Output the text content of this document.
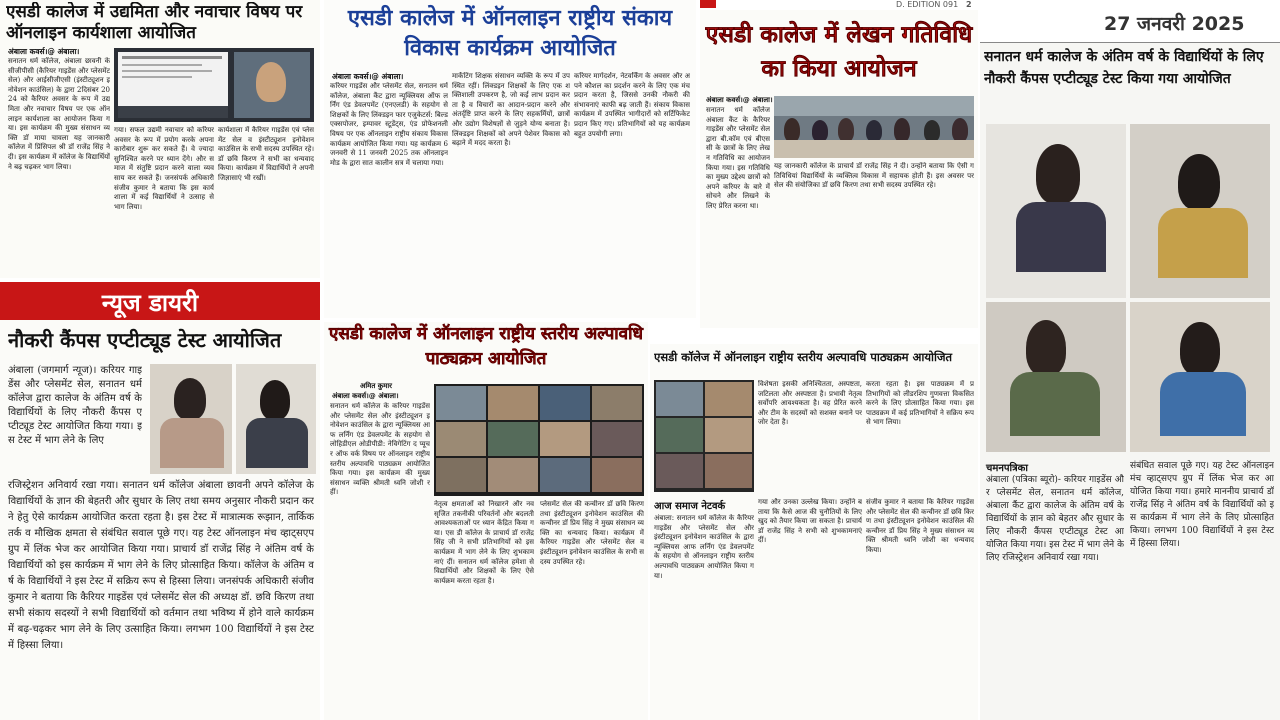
एसडी कालेज में उद्यमिता और नवाचार विषय पर ऑनलाइन कार्यशाला आयोजित
अंबाला कवर्स।@ अंबाला।
सनातन धर्म कॉलेज, अंबाला छावनी के सीजीपीसी (कैरियर गाइडेंस और प्लेसमेंट सेल) और आईसीजीएसी (इंस्टीट्यूशन इनोवेशन काउंसिल) के द्वारा 2दिसंबर 2024 को कैरियर अवसर के रूप में उद्यमिता और नवाचार विषय पर एक ऑनलाइन कार्यशाला का आयोजन किया गया। इस कार्यक्रम की मुख्य संसाधन व्यक्ति डॉ माया चावला यह जानकारी कॉलेज में प्रिंसिपल श्री डॉ राजेंद्र सिंह ने दी। इस कार्यक्रम में कॉलेज के विद्यार्थियों ने बढ़ चढ़कर भाग लिया।
गया। सफल उद्यमी नवाचार को करियर अवसर के रूप में प्रयोग करके अपना कारोबार शुरू कर सकते हैं। वे ज्यादा सुनिश्चित करने पर ध्यान देंगे। और समाज में संतुष्टि प्रदान करने वाला व्यवसाय कर सकते हैं। जनसंपर्क अधिकारी संजीव कुमार ने बताया कि इस कार्यशाला में कई विद्यार्थियों ने उत्साह से भाग लिया।
कार्यशाला में कैरियर गाइडेंस एवं प्लेसमेंट सेल व इंस्टीट्यूशन इनोवेशन काउंसिल के सभी सदस्य उपस्थित रहे। डॉ छवि किरण ने सभी का धन्यवाद किया। कार्यक्रम में विद्यार्थियों ने अपनी जिज्ञासाएं भी रखीं।
एसडी कालेज में ऑनलाइन राष्ट्रीय संकाय विकास कार्यक्रम आयोजित
अंबाला कवर्स।@ अंबाला।
करियर गाइडेंस और प्लेसमेंट सेल, सनातन धर्म कॉलेज, अंबाला कैंट द्वारा न्यूक्लियस ऑफ लर्निंग एंड डेवलपमेंट (एनएलडी) के सहयोग से शिक्षकों के लिए लिंक्डइन फार एजुकेटर्स: बिल्ड एक्सपोजर, इम्पावर स्टूडेंट्स, एंड प्रोफेशनली विषय पर एक ऑनलाइन राष्ट्रीय संकाय विकास कार्यक्रम आयोजित किया गया। यह कार्यक्रम 6 जनवरी से 11 जनवरी 2025 तक ऑनलाइन मोड के द्वारा सात कालीन सत्र में चलाया गया।
मार्केटिंग शिक्षक संसाधन व्यक्ति के रूप में उपस्थित रहीं। लिंक्डइन शिक्षकों के लिए एक शक्तिशाली उपकरण है, जो कई लाभ प्रदान करता है व विचारों का आदान-प्रदान करने और अंतर्दृष्टि प्राप्त करने के लिए सहकर्मियों, छात्रों और उद्योग विशेषज्ञों से जुड़ने योग्य बनाता है। लिंक्डइन शिक्षकों को अपने पेशेवर विकास को बढ़ाने में मदद करता है।
करियर मार्गदर्शन, नेटवर्किंग के अवसर और अपने कौशल का प्रदर्शन करने के लिए एक मंच प्रदान करता है, जिससे उनकी नौकरी की संभावनाएं काफी बढ़ जाती हैं। संकाय विकास कार्यक्रम में उपस्थित भागीदारों को सर्टिफिकेट प्रदान किए गए। प्रतिभागियों को यह कार्यक्रम बहुत उपयोगी लगा।
D. EDITION 091 2
एसडी कालेज में लेखन गतिविधि का किया आयोजन
अंबाला कवर्स।@ अंबाला।
सनातन धर्म कॉलेज अंबाला कैंट के कैरियर गाइडेंस और प्लेसमेंट सेल द्वारा बी.कॉम एवं बीएससी के छात्रों के लिए लेखन गतिविधि का आयोजन किया गया। इस गतिविधि का मुख्य उद्देश्य छात्रों को अपने करियर के बारे में सोचने और लिखने के लिए प्रेरित करना था।
यह जानकारी कॉलेज के प्राचार्य डॉ राजेंद्र सिंह ने दी। उन्होंने बताया कि ऐसी गतिविधियां विद्यार्थियों के व्यक्तित्व विकास में सहायक होती हैं। इस अवसर पर सेल की संयोजिका डॉ छवि किरण तथा सभी सदस्य उपस्थित रहे।
27 जनवरी 2025
सनातन धर्म कालेज के अंतिम वर्ष के विद्यार्थियों के लिए नौकरी कैंपस एप्टीट्यूड टेस्ट किया गया आयोजित
चमनपत्रिका
अंबाला (पत्रिका ब्यूरो)- करियर गाइडेंस और प्लेसमेंट सेल, सनातन धर्म कॉलेज, अंबाला कैंट द्वारा कालेज के अंतिम वर्ष के विद्यार्थियों के ज्ञान को बेहतर और सुधार के लिए नौकरी कैंपस एप्टीट्यूड टेस्ट आयोजित किया गया। इस टेस्ट में भाग लेने के लिए रजिस्ट्रेशन अनिवार्य रखा गया।
संबंधित सवाल पूछे गए। यह टेस्ट ऑनलाइन मंच व्हाट्सएप ग्रुप में लिंक भेज कर आयोजित किया गया। हमारे माननीय प्राचार्य डॉ राजेंद्र सिंह ने अंतिम वर्ष के विद्यार्थियों को इस कार्यक्रम में भाग लेने के लिए प्रोत्साहित किया। लगभग 100 विद्यार्थियों ने इस टेस्ट में हिस्सा लिया।
न्यूज डायरी
नौकरी कैंपस एप्टीट्यूड टेस्ट आयोजित
अंबाला (जगमार्ग न्यूज)। करियर गाइडेंस और प्लेसमेंट सेल, सनातन धर्म कॉलेज द्वारा कालेज के अंतिम वर्ष के विद्यार्थियों के लिए नौकरी कैंपस एप्टीट्यूड टेस्ट आयोजित किया गया। इस टेस्ट में भाग लेने के लिए
रजिस्ट्रेशन अनिवार्य रखा गया। सनातन धर्म कॉलेज अंबाला छावनी अपने कॉलेज के विद्यार्थियों के ज्ञान की बेहतरी और सुधार के लिए तथा समय अनुसार नौकरी प्रदान करने हेतु ऐसे कार्यक्रम आयोजित करता रहता है। इस टेस्ट में मात्रात्मक रूझान, तार्किक तर्क व मौखिक क्षमता से संबंधित सवाल पूछे गए। यह टेस्ट ऑनलाइन मंच व्हाट्सएप ग्रुप में लिंक भेज कर आयोजित किया गया। प्राचार्य डॉ राजेंद्र सिंह ने अंतिम वर्ष के विद्यार्थियों को इस कार्यक्रम में भाग लेने के लिए प्रोत्साहित किया। कॉलेज के अंतिम वर्ष के विद्यार्थियों ने इस टेस्ट में सक्रिय रूप से हिस्सा लिया। जनसंपर्क अधिकारी संजीव कुमार ने बताया कि कैरियर गाइडेंस एवं प्लेसमेंट सेल की अध्यक्ष डॉ. छवि किरण तथा सभी संकाय सदस्यों ने सभी विद्यार्थियों को वर्तमान तथा भविष्य में होने वाले कार्यक्रम में बढ़-चढ़कर भाग लेने के लिए उत्साहित किया। लगभग 100 विद्यार्थियों ने इस टेस्ट में हिस्सा लिया।
एसडी कालेज में ऑनलाइन राष्ट्रीय स्तरीय अल्पावधि पाठ्यक्रम आयोजित
अमित कुमार
अंबाला कवर्स।@ अंबाला।
सनातन धर्म कॉलेज के करियर गाइडेंस और प्लेसमेंट सेल और इंस्टीट्यूशन इनोवेशन काउंसिल के द्वारा न्यूक्लियस आफ लर्निंग एंड डेवलपमेंट के सहयोग से लोहिडीएल ओडीपीडी: नेविगेटिंग द प्यूचर ऑफ वर्क विषय पर ऑनलाइन राष्ट्रीय स्तरीय अल्पावधि पाठ्यक्रम आयोजित किया गया। इस कार्यक्रम की मुख्य संसाधन व्यक्ति श्रीमती ध्वनि जोशी रहीं।
नेतृत्व क्षमताओं को निखारने और नव सृजित तकनीकी परिवर्तनों और बदलती आवश्यकताओं पर ध्यान केंद्रित किया गया। एस डी कॉलेज के प्राचार्य डॉ राजेंद्र सिंह जी ने सभी प्रतिभागियों को इस कार्यक्रम में भाग लेने के लिए शुभकामनाएं दीं। सनातन धर्म कॉलेज हमेशा से विद्यार्थियों और शिक्षकों के लिए ऐसे कार्यक्रम करता रहता है।
प्लेसमेंट सेल की कन्वीनर डॉ छवि किरण तथा इंस्टीट्यूशन इनोवेशन काउंसिल की कन्वीनर डॉ प्रिय सिंह ने मुख्य संसाधन व्यक्ति का धन्यवाद किया। कार्यक्रम में कैरियर गाइडेंस और प्लेसमेंट सेल व इंस्टीट्यूशन इनोवेशन काउंसिल के सभी सदस्य उपस्थित रहे।
एसडी कॉलेज में ऑनलाइन राष्ट्रीय स्तरीय अल्पावधि पाठ्यक्रम आयोजित
विशेषता इसकी अनिश्चितता, अस्पष्टता, जटिलता और अस्पष्टता है। प्रभावी नेतृत्व सर्वोपरि आवश्यकता है। वह प्रेरित करने और टीम के सदस्यों को सशक्त बनाने पर जोर देता है।
करता रहता है। इस पाठ्यक्रम में प्रतिभागियों को लीडरशिप गुणवत्ता विकसित करने के लिए प्रोत्साहित किया गया। इस पाठ्यक्रम में कई प्रतिभागियों ने सक्रिय रूप से भाग लिया।
आज समाज नेटवर्क
अंबाला: सनातन धर्म कॉलेज के कैरियर गाइडेंस और प्लेसमेंट सेल और इंस्टीट्यूशन इनोवेशन काउंसिल के द्वारा न्यूक्लियस आफ लर्निंग एंड डेवलपमेंट के सहयोग से ऑनलाइन राष्ट्रीय स्तरीय अल्पावधि पाठ्यक्रम आयोजित किया गया।
गया और उनका उल्लेख किया। उन्होंने बताया कि कैसे आज की चुनौतियों के लिए खुद को तैयार किया जा सकता है। प्राचार्य डॉ राजेंद्र सिंह ने सभी को शुभकामनाएं दीं।
संजीव कुमार ने बताया कि कैरियर गाइडेंस और प्लेसमेंट सेल की कन्वीनर डॉ छवि किरण तथा इंस्टीट्यूशन इनोवेशन काउंसिल की कन्वीनर डॉ प्रिय सिंह ने मुख्य संसाधन व्यक्ति श्रीमती ध्वनि जोशी का धन्यवाद किया।
